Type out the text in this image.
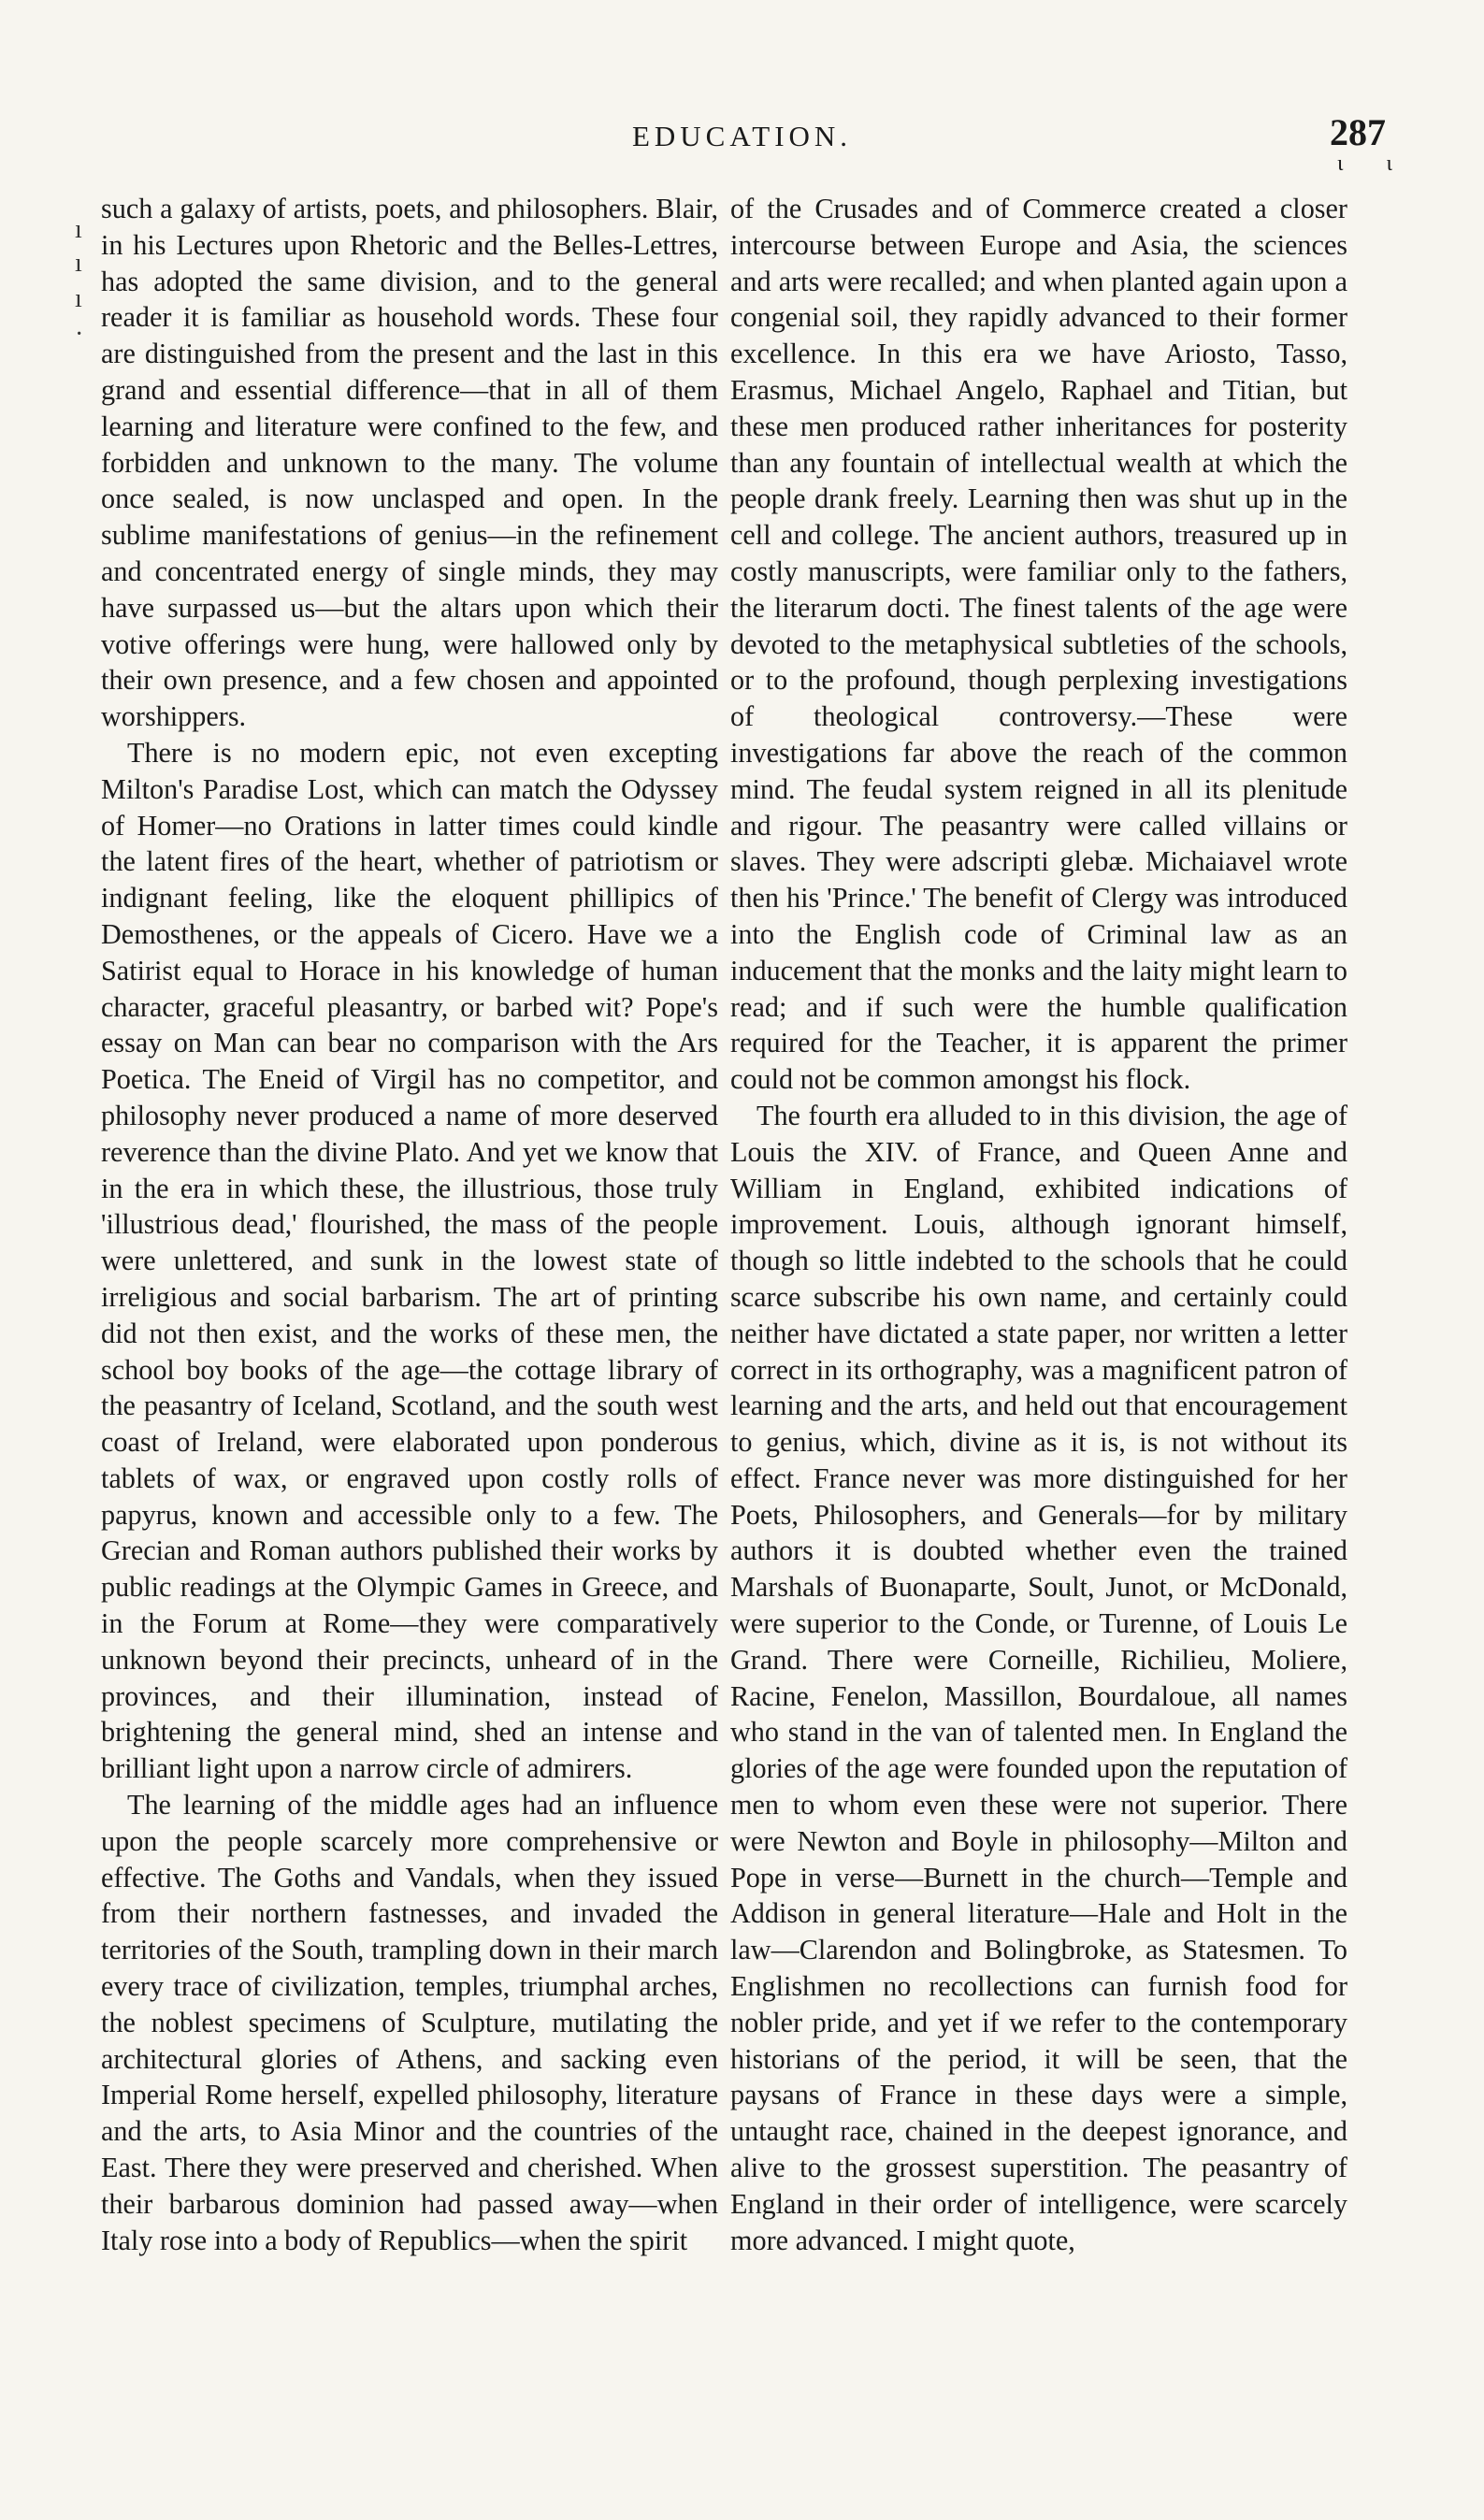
EDUCATION.	287
ι ι
ı
ı
ı
·

such a galaxy of artists, poets, and philosophers. Blair, in his Lectures upon Rhetoric and the Belles-Lettres, has adopted the same division, and to the general reader it is familiar as household words. These four are distinguished from the present and the last in this grand and essential difference—that in all of them learning and literature were confined to the few, and forbidden and unknown to the many. The volume once sealed, is now unclasped and open. In the sublime manifestations of genius—in the refinement and concentrated energy of single minds, they may have surpassed us—but the altars upon which their votive offerings were hung, were hallowed only by their own presence, and a few chosen and appointed worshippers.

There is no modern epic, not even excepting Milton's Paradise Lost, which can match the Odyssey of Homer—no Orations in latter times could kindle the latent fires of the heart, whether of patriotism or indignant feeling, like the eloquent phillipics of Demosthenes, or the appeals of Cicero. Have we a Satirist equal to Horace in his knowledge of human character, graceful pleasantry, or barbed wit? Pope's essay on Man can bear no comparison with the Ars Poetica. The Eneid of Virgil has no competitor, and philosophy never produced a name of more deserved reverence than the divine Plato. And yet we know that in the era in which these, the illustrious, those truly 'illustrious dead,' flourished, the mass of the people were unlettered, and sunk in the lowest state of irreligious and social barbarism. The art of printing did not then exist, and the works of these men, the school boy books of the age—the cottage library of the peasantry of Iceland, Scotland, and the south west coast of Ireland, were elaborated upon ponderous tablets of wax, or engraved upon costly rolls of papyrus, known and accessible only to a few. The Grecian and Roman authors published their works by public readings at the Olympic Games in Greece, and in the Forum at Rome—they were comparatively unknown beyond their precincts, unheard of in the provinces, and their illumination, instead of brightening the general mind, shed an intense and brilliant light upon a narrow circle of admirers.

The learning of the middle ages had an influence upon the people scarcely more comprehensive or effective. The Goths and Vandals, when they issued from their northern fastnesses, and invaded the territories of the South, trampling down in their march every trace of civilization, temples, triumphal arches, the noblest specimens of Sculpture, mutilating the architectural glories of Athens, and sacking even Imperial Rome herself, expelled philosophy, literature and the arts, to Asia Minor and the countries of the East. There they were preserved and cherished. When their barbarous dominion had passed away—when Italy rose into a body of Republics—when the spirit

of the Crusades and of Commerce created a closer intercourse between Europe and Asia, the sciences and arts were recalled; and when planted again upon a congenial soil, they rapidly advanced to their former excellence. In this era we have Ariosto, Tasso, Erasmus, Michael Angelo, Raphael and Titian, but these men produced rather inheritances for posterity than any fountain of intellectual wealth at which the people drank freely. Learning then was shut up in the cell and college. The ancient authors, treasured up in costly manuscripts, were familiar only to the fathers, the literarum docti. The finest talents of the age were devoted to the metaphysical subtleties of the schools, or to the profound, though perplexing investigations of theological controversy.—These were investigations far above the reach of the common mind. The feudal system reigned in all its plenitude and rigour. The peasantry were called villains or slaves. They were adscripti glebæ. Michaiavel wrote then his 'Prince.' The benefit of Clergy was introduced into the English code of Criminal law as an inducement that the monks and the laity might learn to read; and if such were the humble qualification required for the Teacher, it is apparent the primer could not be common amongst his flock.

The fourth era alluded to in this division, the age of Louis the XIV. of France, and Queen Anne and William in England, exhibited indications of improvement. Louis, although ignorant himself, though so little indebted to the schools that he could scarce subscribe his own name, and certainly could neither have dictated a state paper, nor written a letter correct in its orthography, was a magnificent patron of learning and the arts, and held out that encouragement to genius, which, divine as it is, is not without its effect. France never was more distinguished for her Poets, Philosophers, and Generals—for by military authors it is doubted whether even the trained Marshals of Buonaparte, Soult, Junot, or McDonald, were superior to the Conde, or Turenne, of Louis Le Grand. There were Corneille, Richilieu, Moliere, Racine, Fenelon, Massillon, Bourdaloue, all names who stand in the van of talented men. In England the glories of the age were founded upon the reputation of men to whom even these were not superior. There were Newton and Boyle in philosophy—Milton and Pope in verse—Burnett in the church—Temple and Addison in general literature—Hale and Holt in the law—Clarendon and Bolingbroke, as Statesmen. To Englishmen no recollections can furnish food for nobler pride, and yet if we refer to the contemporary historians of the period, it will be seen, that the paysans of France in these days were a simple, untaught race, chained in the deepest ignorance, and alive to the grossest superstition. The peasantry of England in their order of intelligence, were scarcely more advanced. I might quote,
